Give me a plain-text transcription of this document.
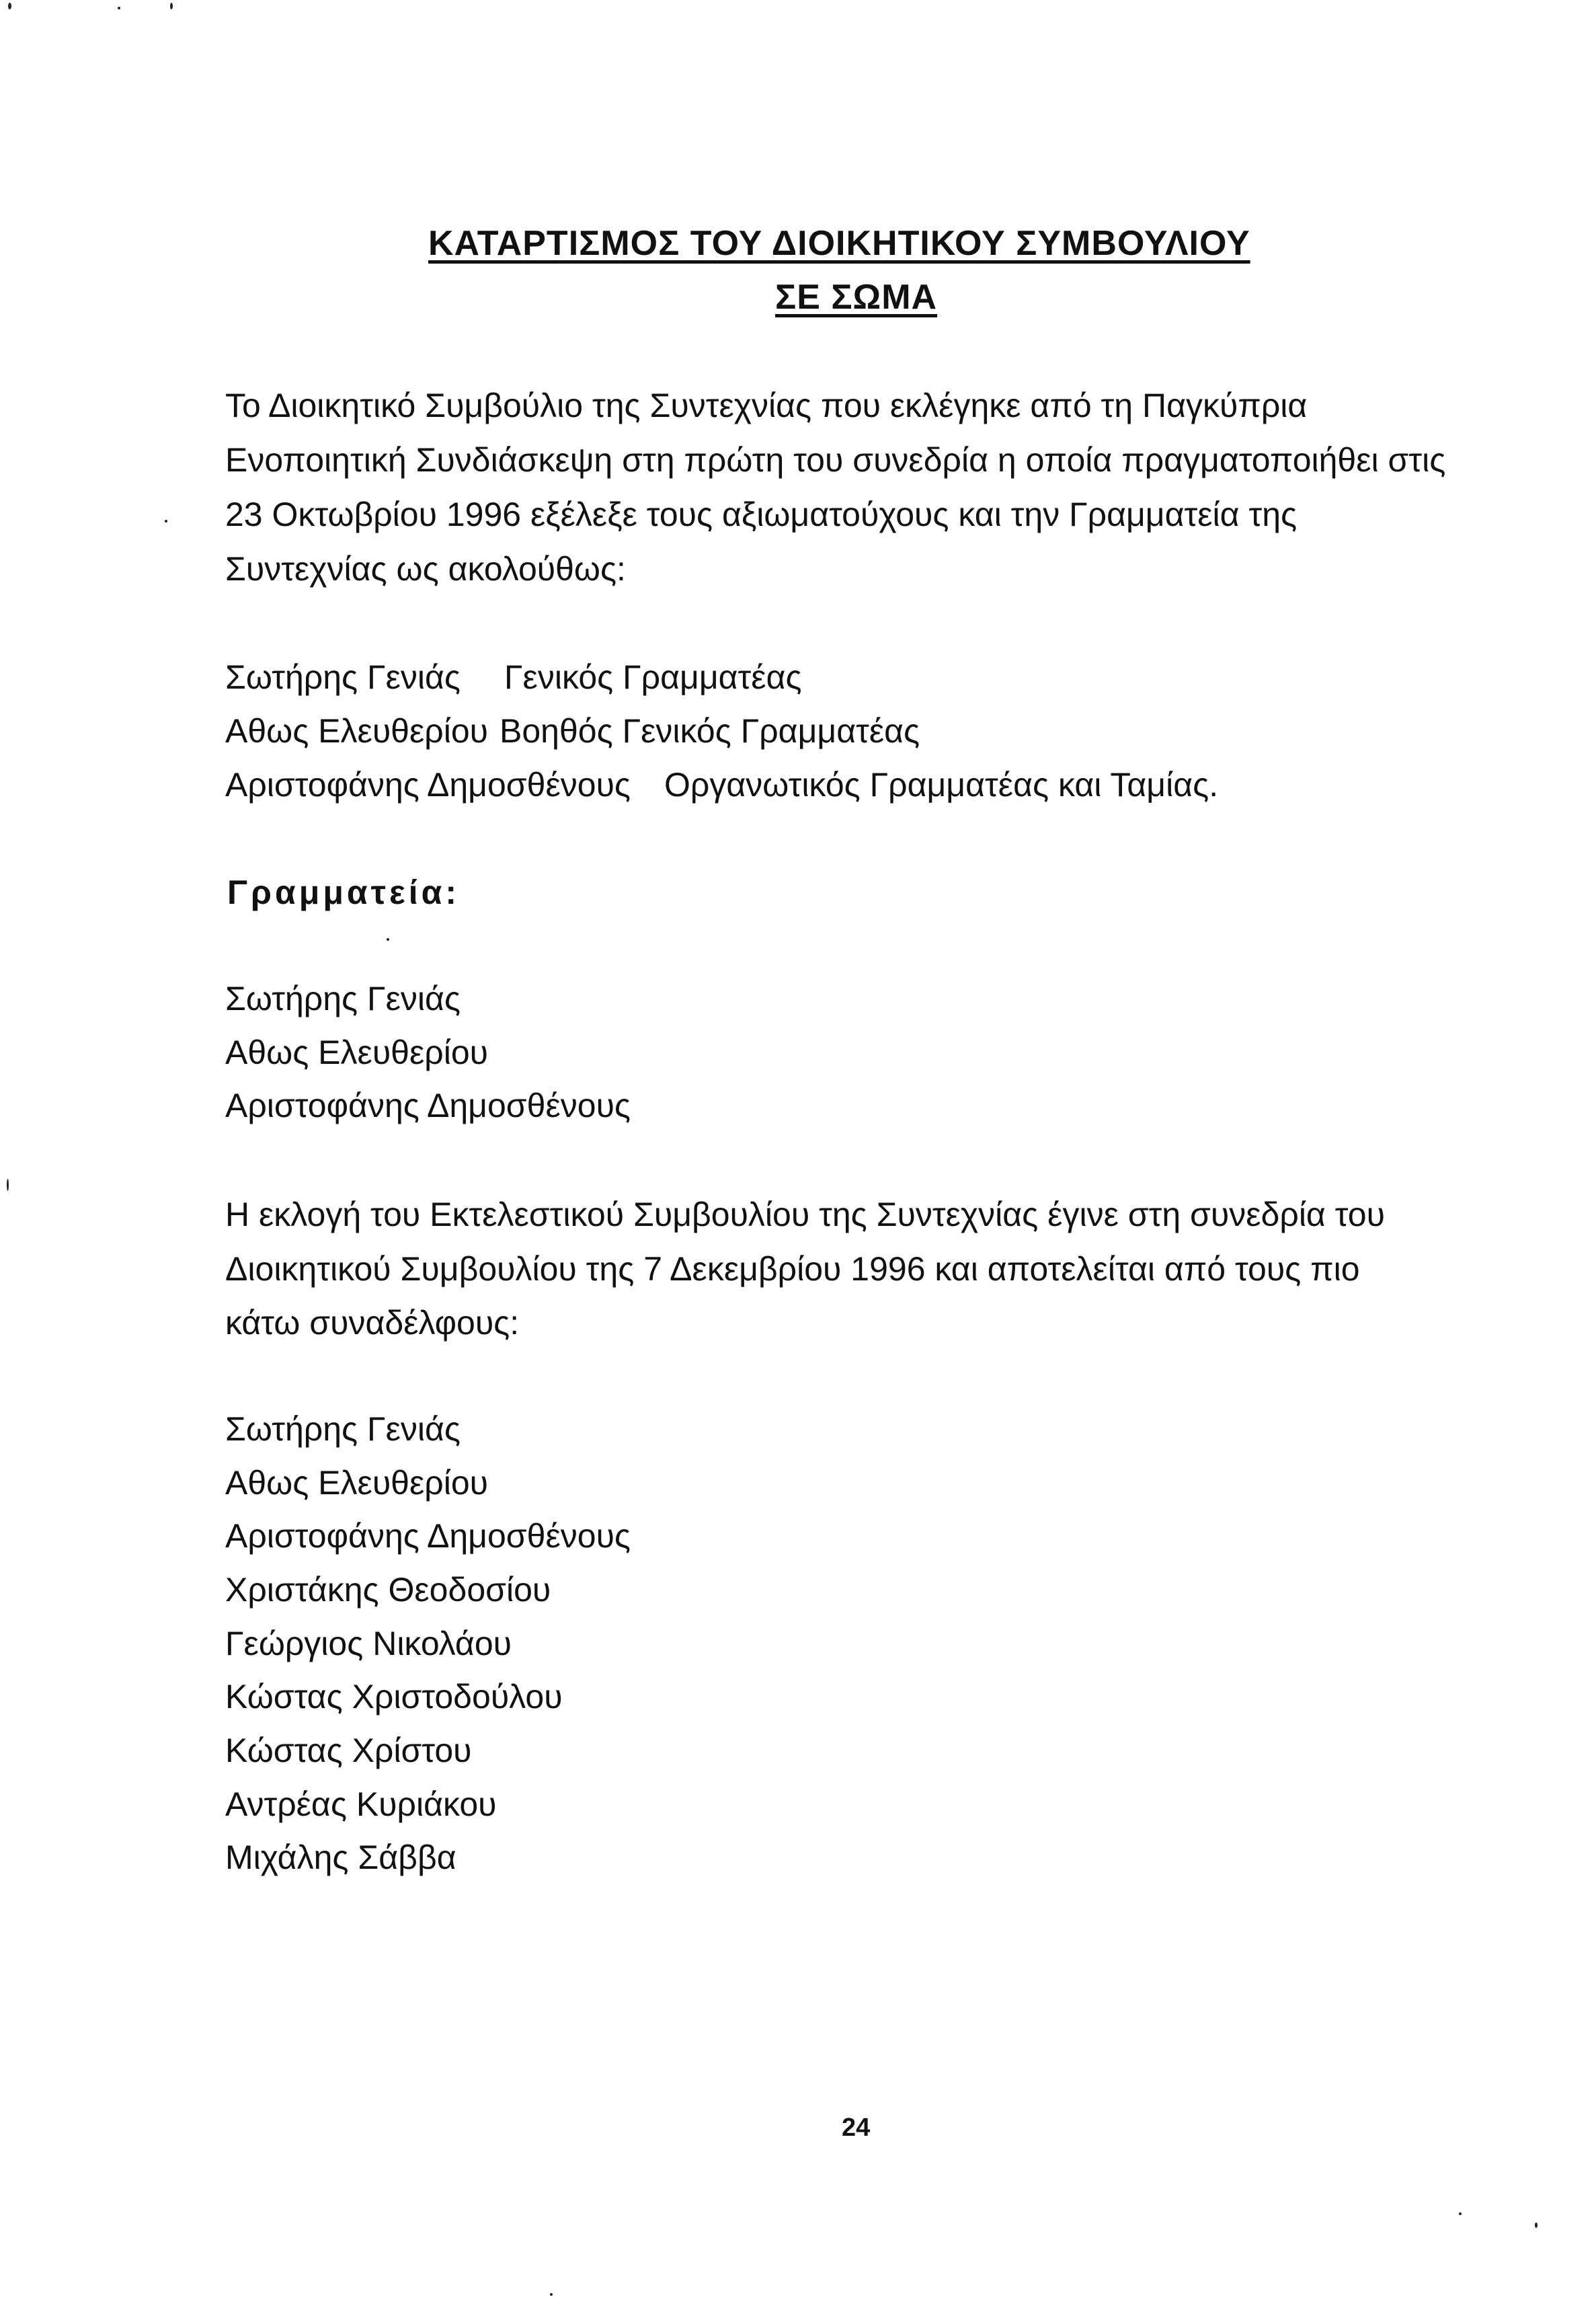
ΚΑΤΑΡΤΙΣΜΟΣ ΤΟΥ ΔΙΟΙΚΗΤΙΚΟΥ ΣΥΜΒΟΥΛΙΟΥ
ΣΕ ΣΩΜΑ
Το Διοικητικό Συμβούλιο της Συντεχνίας που εκλέγηκε από τη Παγκύπρια
Ενοποιητική Συνδιάσκεψη στη πρώτη του συνεδρία η οποία πραγματοποιήθει στις
23 Οκτωβρίου 1996 εξέλεξε τους αξιωματούχους και την Γραμματεία της
Συντεχνίας ως ακολούθως:
Σωτήρης Γενιάς Γενικός Γραμματέας
Αθως Ελευθερίου Βοηθός Γενικός Γραμματέας
Αριστοφάνης Δημοσθένους Οργανωτικός Γραμματέας και Ταμίας.
Γραμματεία:
Σωτήρης Γενιάς
Αθως Ελευθερίου
Αριστοφάνης Δημοσθένους
Η εκλογή του Εκτελεστικού Συμβουλίου της Συντεχνίας έγινε στη συνεδρία του
Διοικητικού Συμβουλίου της 7 Δεκεμβρίου 1996 και αποτελείται από τους πιο
κάτω συναδέλφους:
Σωτήρης Γενιάς
Αθως Ελευθερίου
Αριστοφάνης Δημοσθένους
Χριστάκης Θεοδοσίου
Γεώργιος Νικολάου
Κώστας Χριστοδούλου
Κώστας Χρίστου
Αντρέας Κυριάκου
Μιχάλης Σάββα
24
